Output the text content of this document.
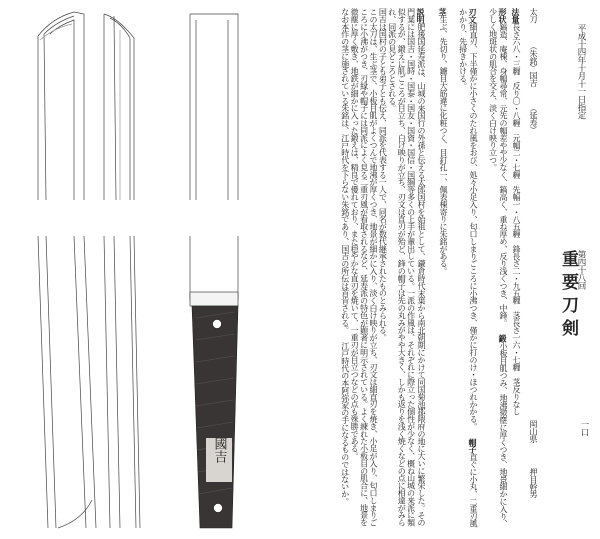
國吉
平成十四年十月十一日指定
第四十八回
重要刀剣
一口
太刀
（朱銘）国吉
（延寿）
岡山県
押目幹男
法量長さ六八・三糎　反り〇・八糎　元幅二・七糎　先幅一・八五糎　鋒長さ二・九五糎　茎長さ一六・七糎　茎反りなし
形状鎬造、庵棟、身幅尋常、元先の幅差やや少なく、鎬高く、重ね厚め、反り浅くつき、中鋒。 鍛小板目肌つみ、地沸微塵に厚くつき、地景細かに入り、少しく地斑状の肌合を交え、淡く白け映り立つ。
刃文細直刃、下半僅かに小さくのたれ風をおび、処々小足入り、匂口しまりごころに小沸つき、僅かに打のけ・ほつれかかる。 帽子直ぐに小丸、二重刃風かかり、先掃きかける。
茎生ぶ、先切り、鑢目大筋違に化粧つく、目釘孔一、佩表棟寄りに朱銘がある。
説明肥後国延寿派は、山城の来国行の外孫と伝える太郎国村を始祖として、鎌倉時代末葉から南北朝期にかけて同国菊池郡隈府の地に大いに繁栄した。その門葉には国吉・国時・国泰・国友・国資・国信・国綱等多くの上手が輩出している。一派の作風は、それぞれに際立った個性が少なく、概ね山城の来派に類似するが、鍛えに肌ごころが目立ち、白け映りが立ち、刃文は直刃が殆ど、鋒の帽子は先の丸みがやや大きく、しかも返りを浅く焼くなどの点に相違がみられ、同派の見どころとされる。
国吉は国村の子とも弟子とも伝え、同派を代表する一人で、同名が数代継承されたものとみられる。
この太刀は、生ぶ茎で、小板目肌がよくつんで地沸が厚くつき、地景が細かに入り、淡く白け映りが立ち、刃文は細直刃を焼き、小足が入り、匂口しまりごころに小沸がつき、刃縁や帽子には同派によく見る二重刃風が看取されるなど、延寿派の特色が顕著に明示されている。よく練れた小板目の肌合に、地景を微塵に厚く敷き、地鉄が細かに入った鍛えは、精良で優れており、また穏やかな直刃を焼いて、一重刃が目立つなどの点も殊勝である。
なお本作の茎に施されている朱銘は、江戸時代を下らない朱銘であり、国吉の所伝は首肯される。 江戸時代の本阿弥家の手になるものではないか。
